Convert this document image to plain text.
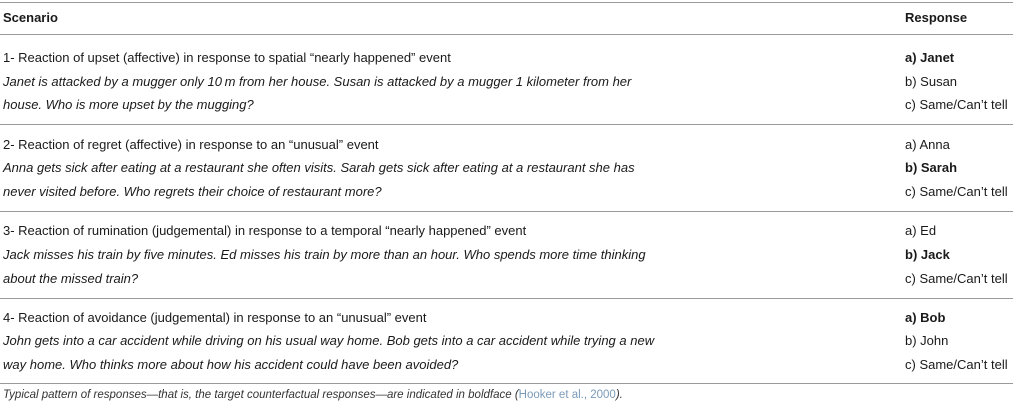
Scenario	Response
1- Reaction of upset (affective) in response to spatial “nearly happened” event
Janet is attacked by a mugger only 10 m from her house. Susan is attacked by a mugger 1 kilometer from her
house. Who is more upset by the mugging?
a) Janet
b) Susan
c) Same/Can’t tell
2- Reaction of regret (affective) in response to an “unusual” event
Anna gets sick after eating at a restaurant she often visits. Sarah gets sick after eating at a restaurant she has
never visited before. Who regrets their choice of restaurant more?
a) Anna
b) Sarah
c) Same/Can’t tell
3- Reaction of rumination (judgemental) in response to a temporal “nearly happened” event
Jack misses his train by five minutes. Ed misses his train by more than an hour. Who spends more time thinking
about the missed train?
a) Ed
b) Jack
c) Same/Can’t tell
4- Reaction of avoidance (judgemental) in response to an “unusual” event
John gets into a car accident while driving on his usual way home. Bob gets into a car accident while trying a new
way home. Who thinks more about how his accident could have been avoided?
a) Bob
b) John
c) Same/Can’t tell
Typical pattern of responses—that is, the target counterfactual responses—are indicated in boldface (Hooker et al., 2000).
